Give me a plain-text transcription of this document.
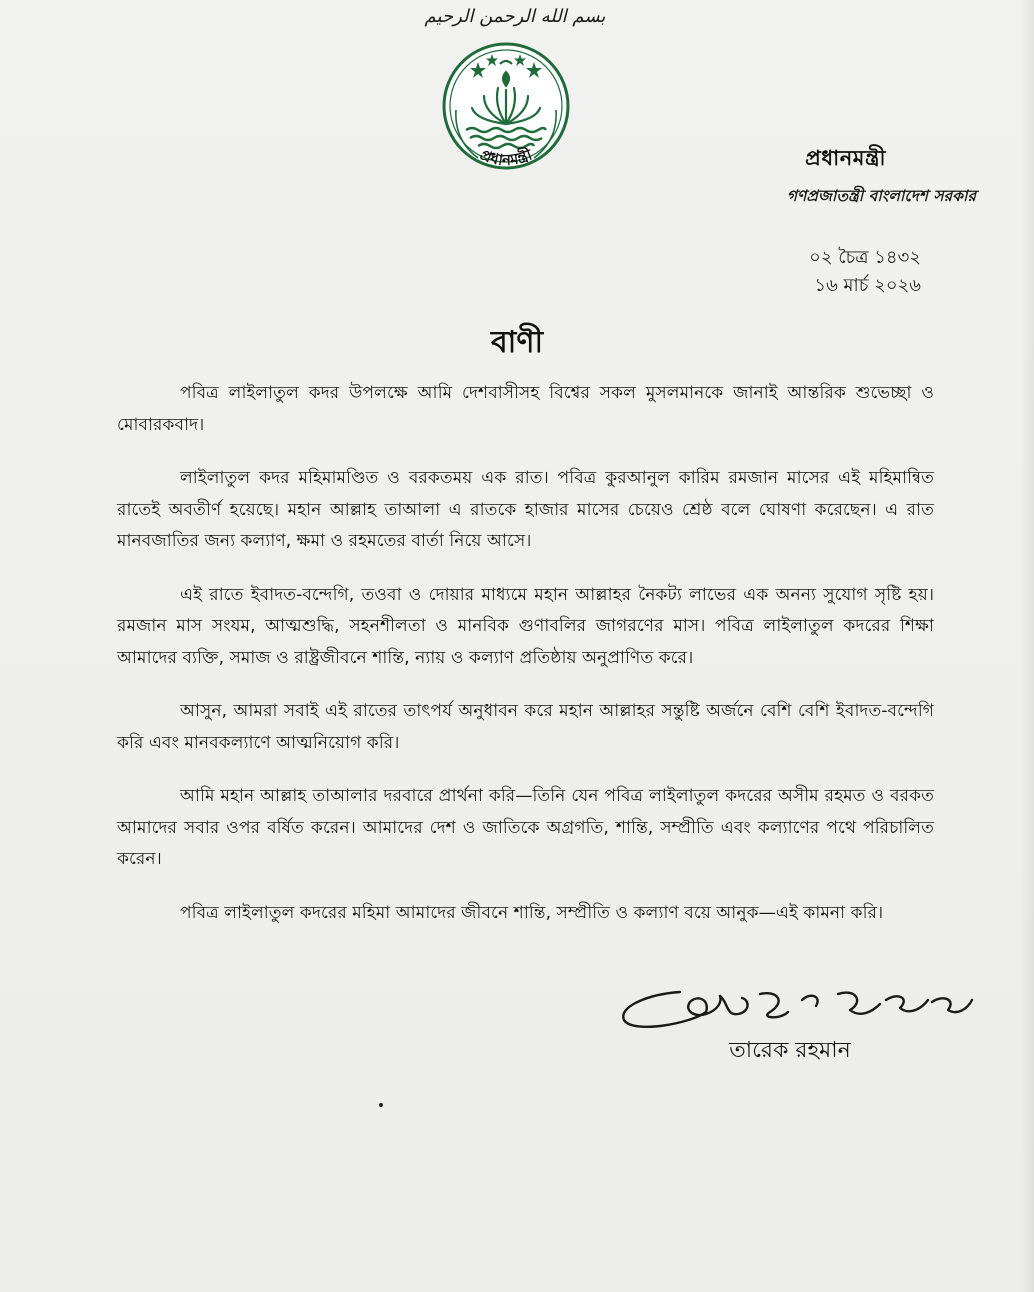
بسم الله الرحمن الرحيم
প্রধানমন্ত্রী	প্রধানমন্ত্রী
গণপ্রজাতন্ত্রী বাংলাদেশ সরকার
০২ চৈত্র ১৪৩২
১৬ মার্চ ২০২৬
বাণী

পবিত্র লাইলাতুল কদর উপলক্ষে আমি দেশবাসীসহ বিশ্বের সকল মুসলমানকে জানাই আন্তরিক শুভেচ্ছা ও মোবারকবাদ।

লাইলাতুল কদর মহিমামণ্ডিত ও বরকতময় এক রাত। পবিত্র কুরআনুল কারিম রমজান মাসের এই মহিমান্বিত রাতেই অবতীর্ণ হয়েছে। মহান আল্লাহ তাআলা এ রাতকে হাজার মাসের চেয়েও শ্রেষ্ঠ বলে ঘোষণা করেছেন। এ রাত মানবজাতির জন্য কল্যাণ, ক্ষমা ও রহমতের বার্তা নিয়ে আসে।

এই রাতে ইবাদত-বন্দেগি, তওবা ও দোয়ার মাধ্যমে মহান আল্লাহর নৈকট্য লাভের এক অনন্য সুযোগ সৃষ্টি হয়। রমজান মাস সংযম, আত্মশুদ্ধি, সহনশীলতা ও মানবিক গুণাবলির জাগরণের মাস। পবিত্র লাইলাতুল কদরের শিক্ষা আমাদের ব্যক্তি, সমাজ ও রাষ্ট্রজীবনে শান্তি, ন্যায় ও কল্যাণ প্রতিষ্ঠায় অনুপ্রাণিত করে।

আসুন, আমরা সবাই এই রাতের তাৎপর্য অনুধাবন করে মহান আল্লাহর সন্তুষ্টি অর্জনে বেশি বেশি ইবাদত-বন্দেগি করি এবং মানবকল্যাণে আত্মনিয়োগ করি।

আমি মহান আল্লাহ তাআলার দরবারে প্রার্থনা করি—তিনি যেন পবিত্র লাইলাতুল কদরের অসীম রহমত ও বরকত আমাদের সবার ওপর বর্ষিত করেন। আমাদের দেশ ও জাতিকে অগ্রগতি, শান্তি, সম্প্রীতি এবং কল্যাণের পথে পরিচালিত করেন।

পবিত্র লাইলাতুল কদরের মহিমা আমাদের জীবনে শান্তি, সম্প্রীতি ও কল্যাণ বয়ে আনুক—এই কামনা করি।

তারেক রহমান
